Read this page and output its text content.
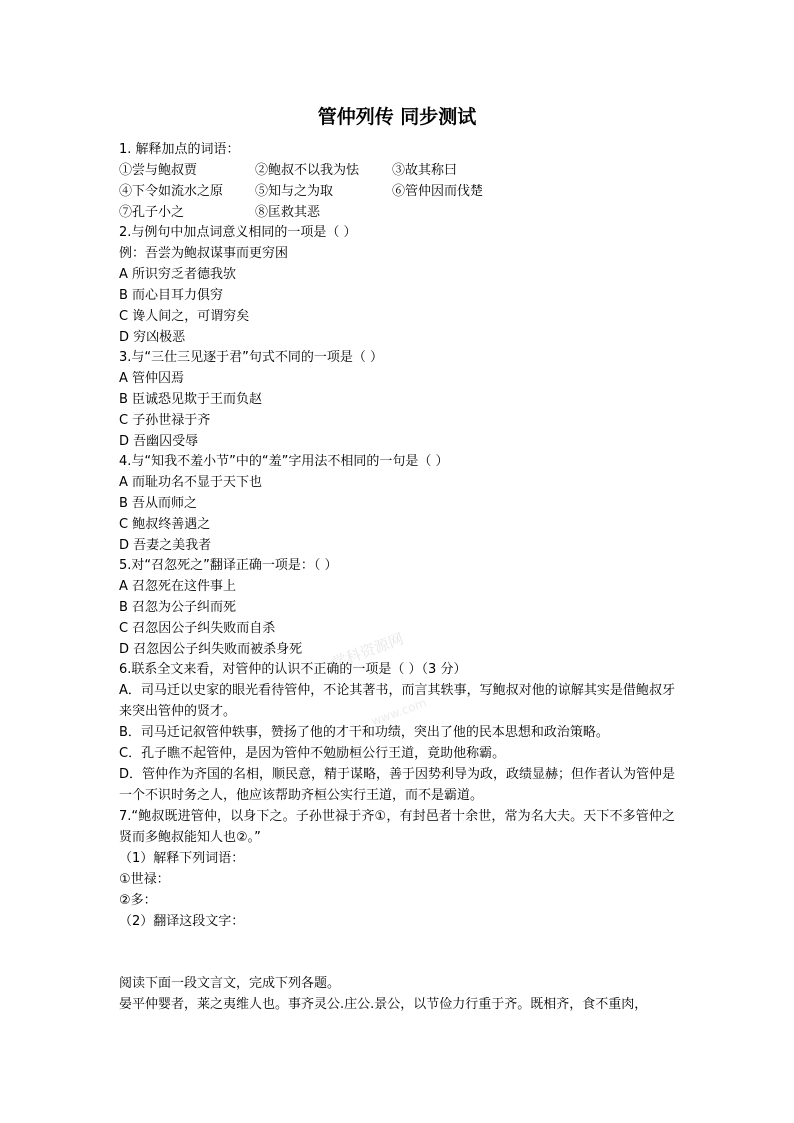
学科资源网
www.com
管仲列传 同步测试
1. 解释加点的词语：
①尝与鲍叔贾	②鲍叔不以我为怯	③故其称曰
④下令如流水之原	⑤知与之为取	⑥管仲因而伐楚
⑦孔子小之	⑧匡救其恶
2.与例句中加点词意义相同的一项是（ ）
例：吾尝为鲍叔谋事而更穷困
A 所识穷乏者德我欤
B 而心目耳力俱穷
C 谗人间之，可谓穷矣
D 穷凶极恶
3.与“三仕三见逐于君”句式不同的一项是（ ）
A 管仲囚焉
B 臣诚恐见欺于王而负赵
C 子孙世禄于齐
D 吾幽囚受辱
4.与“知我不羞小节”中的“羞”字用法不相同的一句是（ ）
A 而耻功名不显于天下也
B 吾从而师之
C 鲍叔终善遇之
D 吾妻之美我者
5.对“召忽死之”翻译正确一项是：（ ）
A 召忽死在这件事上
B 召忽为公子纠而死
C 召忽因公子纠失败而自杀
D 召忽因公子纠失败而被杀身死
6.联系全文来看，对管仲的认识不正确的一项是（ ）（3 分）
A．司马迁以史家的眼光看待管仲，不论其著书，而言其轶事，写鲍叔对他的谅解其实是借鲍叔牙来突出管仲的贤才。
B．司马迁记叙管仲轶事，赞扬了他的才干和功绩，突出了他的民本思想和政治策略。
C．孔子瞧不起管仲，是因为管仲不勉励桓公行王道，竟助他称霸。
D．管仲作为齐国的名相，顺民意，精于谋略，善于因势利导为政，政绩显赫；但作者认为管仲是一个不识时务之人，他应该帮助齐桓公实行王道，而不是霸道。
7.“鲍叔既进管仲，以身下之。子孙世禄于齐①，有封邑者十余世，常为名大夫。天下不多管仲之贤而多鲍叔能知人也②。”
（1）解释下列词语：
①世禄：
②多：
（2）翻译这段文字：
阅读下面一段文言文，完成下列各题。
晏平仲婴者，莱之夷维人也。事齐灵公.庄公.景公，以节俭力行重于齐。既相齐，食不重肉，
